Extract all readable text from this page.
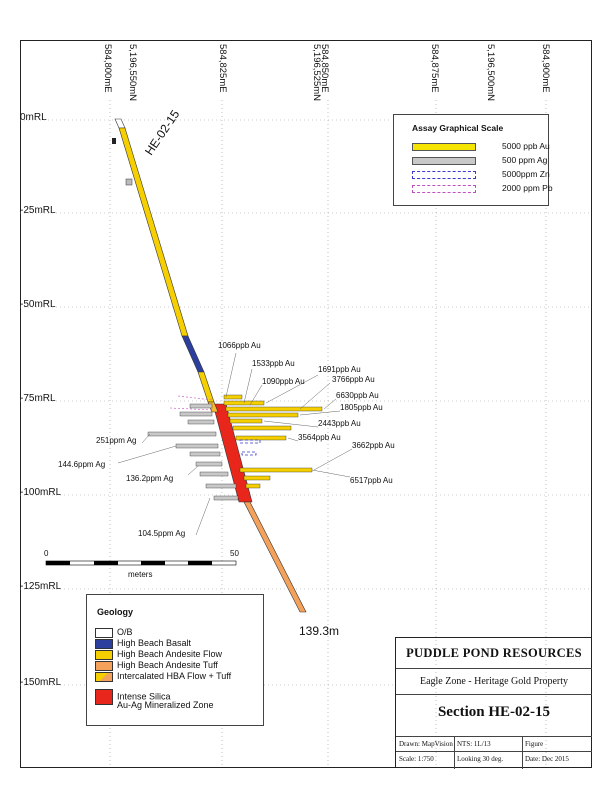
0mRL
-25mRL
-50mRL
-75mRL
-100mRL
-125mRL
-150mRL
584,800mE 5,196,550mN	584,825mE	584,850mE
5,196,525mN	584,875mE	5,196,500mN	584,900mE
HE-02-15
139.3m
1066ppb Au
1533ppb Au
1691ppb Au
1090ppb Au	3766ppb Au
6630ppb Au
1805ppb Au
2443ppb Au
3564ppb Au
3662ppb Au
6517ppb Au
251ppm Ag
144.6ppm Ag
136.2ppm Ag
104.5ppm Ag
0	50
meters
Assay Graphical Scale
5000 ppb Au
500 ppm Ag
5000ppm Zn
2000 ppm Pb
Geology
O/B
High Beach Basalt
High Beach Andesite Flow
High Beach Andesite Tuff
Intercalated HBA Flow + Tuff
Intense Silica
Au-Ag Mineralized Zone
PUDDLE POND RESOURCES
Eagle Zone - Heritage Gold Property
Section HE-02-15
Drawn: MapVision NTS: 1L/13	Figure
Scale: 1:750	Looking 30 deg.	Date: Dec 2015
